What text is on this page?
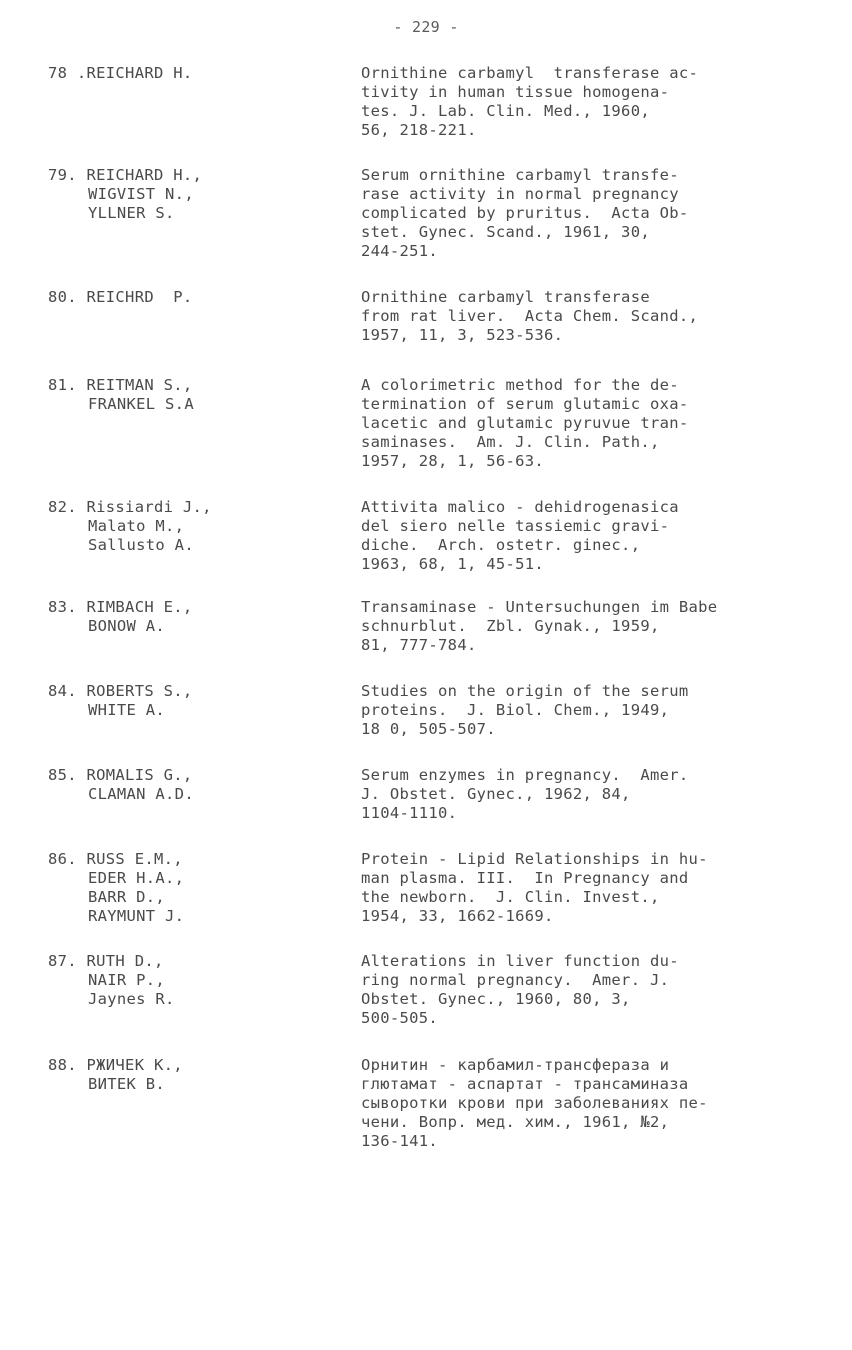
- 229 -
78 .REICHARD H.	Ornithine carbamyl  transferase ac-
tivity in human tissue homogena-
tes. J. Lab. Clin. Med., 1960,
56, 218-221.
79. REICHARD H.,
WIGVIST N.,
YLLNER S.
Serum ornithine carbamyl transfe-
rase activity in normal pregnancy
complicated by pruritus.  Acta Ob-
stet. Gynec. Scand., 1961, 30,
244-251.
80. REICHRD  P.	Ornithine carbamyl transferase
from rat liver.  Acta Chem. Scand.,
1957, 11, 3, 523-536.
81. REITMAN S.,
FRANKEL S.A
A colorimetric method for the de-
termination of serum glutamic oxa-
lacetic and glutamic pyruvue tran-
saminases.  Am. J. Clin. Path.,
1957, 28, 1, 56-63.
82. Rissiardi J.,
Malato M.,
Sallusto A.
Attivita malico - dehidrogenasica
del siero nelle tassiemic gravi-
diche.  Arch. ostetr. ginec.,
1963, 68, 1, 45-51.
83. RIMBACH E.,
BONOW A.
Transaminase - Untersuchungen im Babe
schnurblut.  Zbl. Gynak., 1959,
81, 777-784.
84. ROBERTS S.,
WHITE A.
Studies on the origin of the serum
proteins.  J. Biol. Chem., 1949,
18 0, 505-507.
85. ROMALIS G.,
CLAMAN A.D.
Serum enzymes in pregnancy.  Amer.
J. Obstet. Gynec., 1962, 84,
1104-1110.
86. RUSS E.M.,
EDER H.A.,
BARR D.,
RAYMUNT J.
Protein - Lipid Relationships in hu-
man plasma. III.  In Pregnancy and
the newborn.  J. Clin. Invest.,
1954, 33, 1662-1669.
87. RUTH D.,
NAIR P.,
Jaynes R.
Alterations in liver function du-
ring normal pregnancy.  Amer. J.
Obstet. Gynec., 1960, 80, 3,
500-505.
88. РЖИЧЕК К.,
ВИТЕК В.
Орнитин - карбамил-трансфераза и
глютамат - аспартат - трансаминаза
сыворотки крови при заболеваниях пе-
чени. Вопр. мед. хим., 1961, №2,
136-141.
